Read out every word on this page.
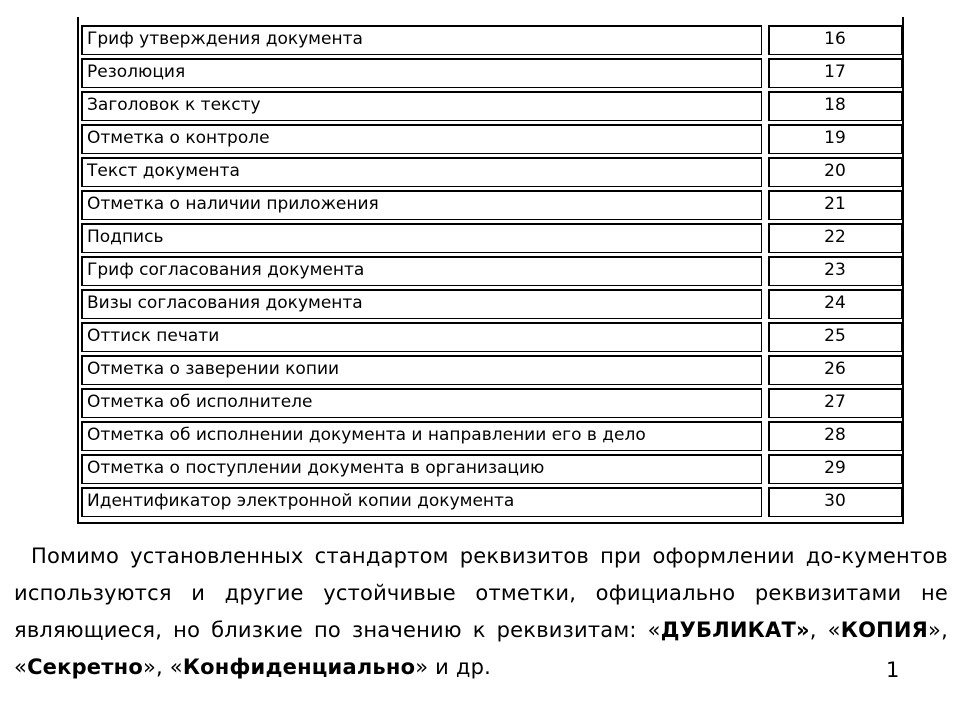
Гриф утверждения документа	16
Резолюция	17
Заголовок к тексту	18
Отметка о контроле	19
Текст документа	20
Отметка о наличии приложения	21
Подпись	22
Гриф согласования документа	23
Визы согласования документа	24
Оттиск печати	25
Отметка о заверении копии	26
Отметка об исполнителе	27
Отметка об исполнении документа и направлении его в дело	28
Отметка о поступлении документа в организацию	29
Идентификатор электронной копии документа	30
Помимо установленных стандартом реквизитов при оформлении до-кументов используются и другие устойчивые отметки, официально реквизитами не являющиеся, но близкие по значению к реквизитам: «ДУБЛИКАТ», «КОПИЯ», «Секретно», «Конфиденциально» и др.	1
